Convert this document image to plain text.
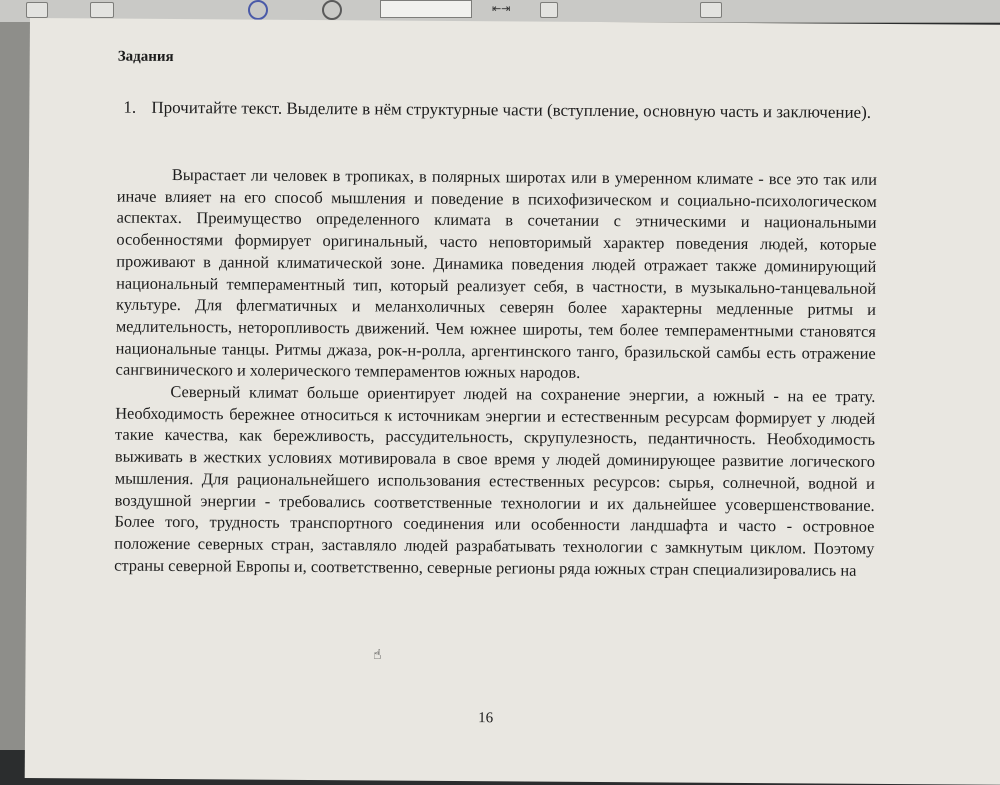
⇤⇥
Задания
1. Прочитайте текст. Выделите в нём структурные части (вступление, основную часть и заключение).

Вырастает ли человек в тропиках, в полярных широтах или в умеренном климате - все это так или иначе влияет на его способ мышления и поведение в психофизическом и социально-психологическом аспектах. Преимущество определенного климата в сочетании с этническими и национальными особенностями формирует оригинальный, часто неповторимый характер поведения людей, которые проживают в данной климатической зоне. Динамика поведения людей отражает также доминирующий национальный темпераментный тип, который реализует себя, в частности, в музыкально-танцевальной культуре. Для флегматичных и меланхоличных северян более характерны медленные ритмы и медлительность, неторопливость движений. Чем южнее широты, тем более темпераментными становятся национальные танцы. Ритмы джаза, рок-н-ролла, аргентинского танго, бразильской самбы есть отражение сангвинического и холерического темпераментов южных народов.

Северный климат больше ориентирует людей на сохранение энергии, а южный - на ее трату. Необходимость бережнее относиться к источникам энергии и естественным ресурсам формирует у людей такие качества, как бережливость, рассудительность, скрупулезность, педантичность. Необходимость выживать в жестких условиях мотивировала в свое время у людей доминирующее развитие логического мышления. Для рациональнейшего использования естественных ресурсов: сырья, солнечной, водной и воздушной энергии - требовались соответственные технологии и их дальнейшее усовершенствование. Более того, трудность транспортного соединения или особенности ландшафта и часто - островное положение северных стран, заставляло людей разрабатывать технологии с замкнутым циклом. Поэтому страны северной Европы и, соответственно, северные регионы ряда южных стран специализировались на

16
☝
